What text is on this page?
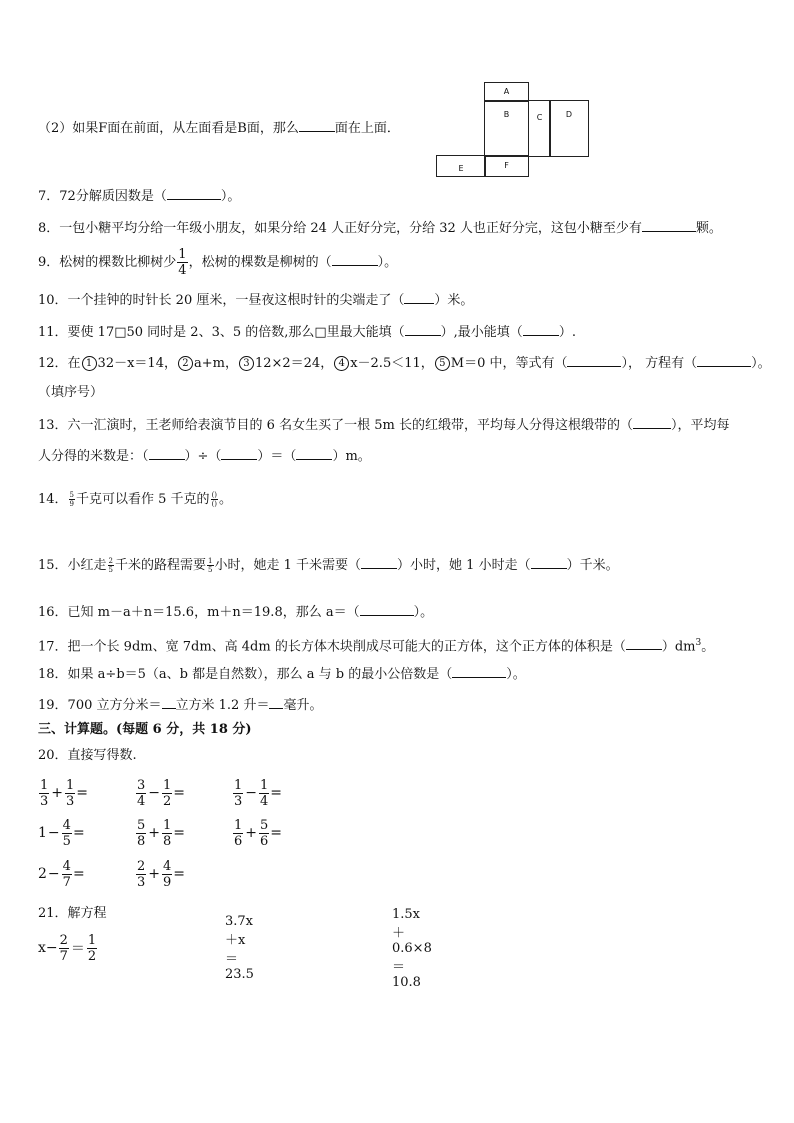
（2）如果F面在前面，从左面看是B面，那么	面在上面．
A
B	C	D
E	F
7．72分解质因数是（	）。
8．一包小糖平均分给一年级小朋友，如果分给 24 人正好分完，分给 32 人也正好分完，这包小糖至少有	颗。
9．松树的棵数比柳树少 $\frac{1}{4}$ ，松树的棵数是柳树的（	）。
10．一个挂钟的时针长 20 厘米，一昼夜这根时针的尖端走了（ ）米。
11．要使 17□50 同时是 2、3、5 的倍数,那么□里最大能填（	）,最小能填（	）.
12．在 1 32－x＝14， 2 a+m， 3 12×2＝24， 4 x－2.5＜11， 5 M＝0 中，等式有（	）， 方程有（	）。
（填序号）
13．六一汇演时，王老师给表演节目的 6 名女生买了一根 5m 长的红缎带，平均每人分得这根缎带的（	），平均每
人分得的米数是：（	）÷（	）＝（	）m。
14． $\frac{5}{9}$ 千克可以看作 5 千克的 $\frac{()}{()}$ 。
15．小红走 $\frac{2}{5}$ 千米的路程需要 $\frac{1}{5}$ 小时，她走 1 千米需要（	）小时，她 1 小时走（	）千米。
16．已知 m－a＋n＝15.6，m＋n＝19.8，那么 a＝（	）。
17．把一个长 9dm、宽 7dm、高 4dm 的长方体木块削成尽可能大的正方体，这个正方体的体积是（	）$dm^3$。
18．如果 a÷b＝5（a、b 都是自然数），那么 a 与 b 的最小公倍数是（	）。
19．700 立方分米＝ 立方米 1.2 升＝ 毫升。
三、计算题。(每题 6 分，共 18 分)
20．直接写得数.
$\frac{1}{3} + \frac{1}{3}$ =	$\frac{3}{4} - \frac{1}{2}$ =	$\frac{1}{3} - \frac{1}{4}$ =
$1 - \frac{4}{5}$ =	$\frac{5}{8} + \frac{1}{8}$ =	$\frac{1}{6} + \frac{5}{6}$ =
$2 - \frac{4}{7}$ =	$\frac{2}{3} + \frac{4}{9}$ =
21．解方程
$x- \frac{2}{7} = \frac{1}{2}$
3.7x＋x＝23.5
1.5x＋0.6×8＝10.8
